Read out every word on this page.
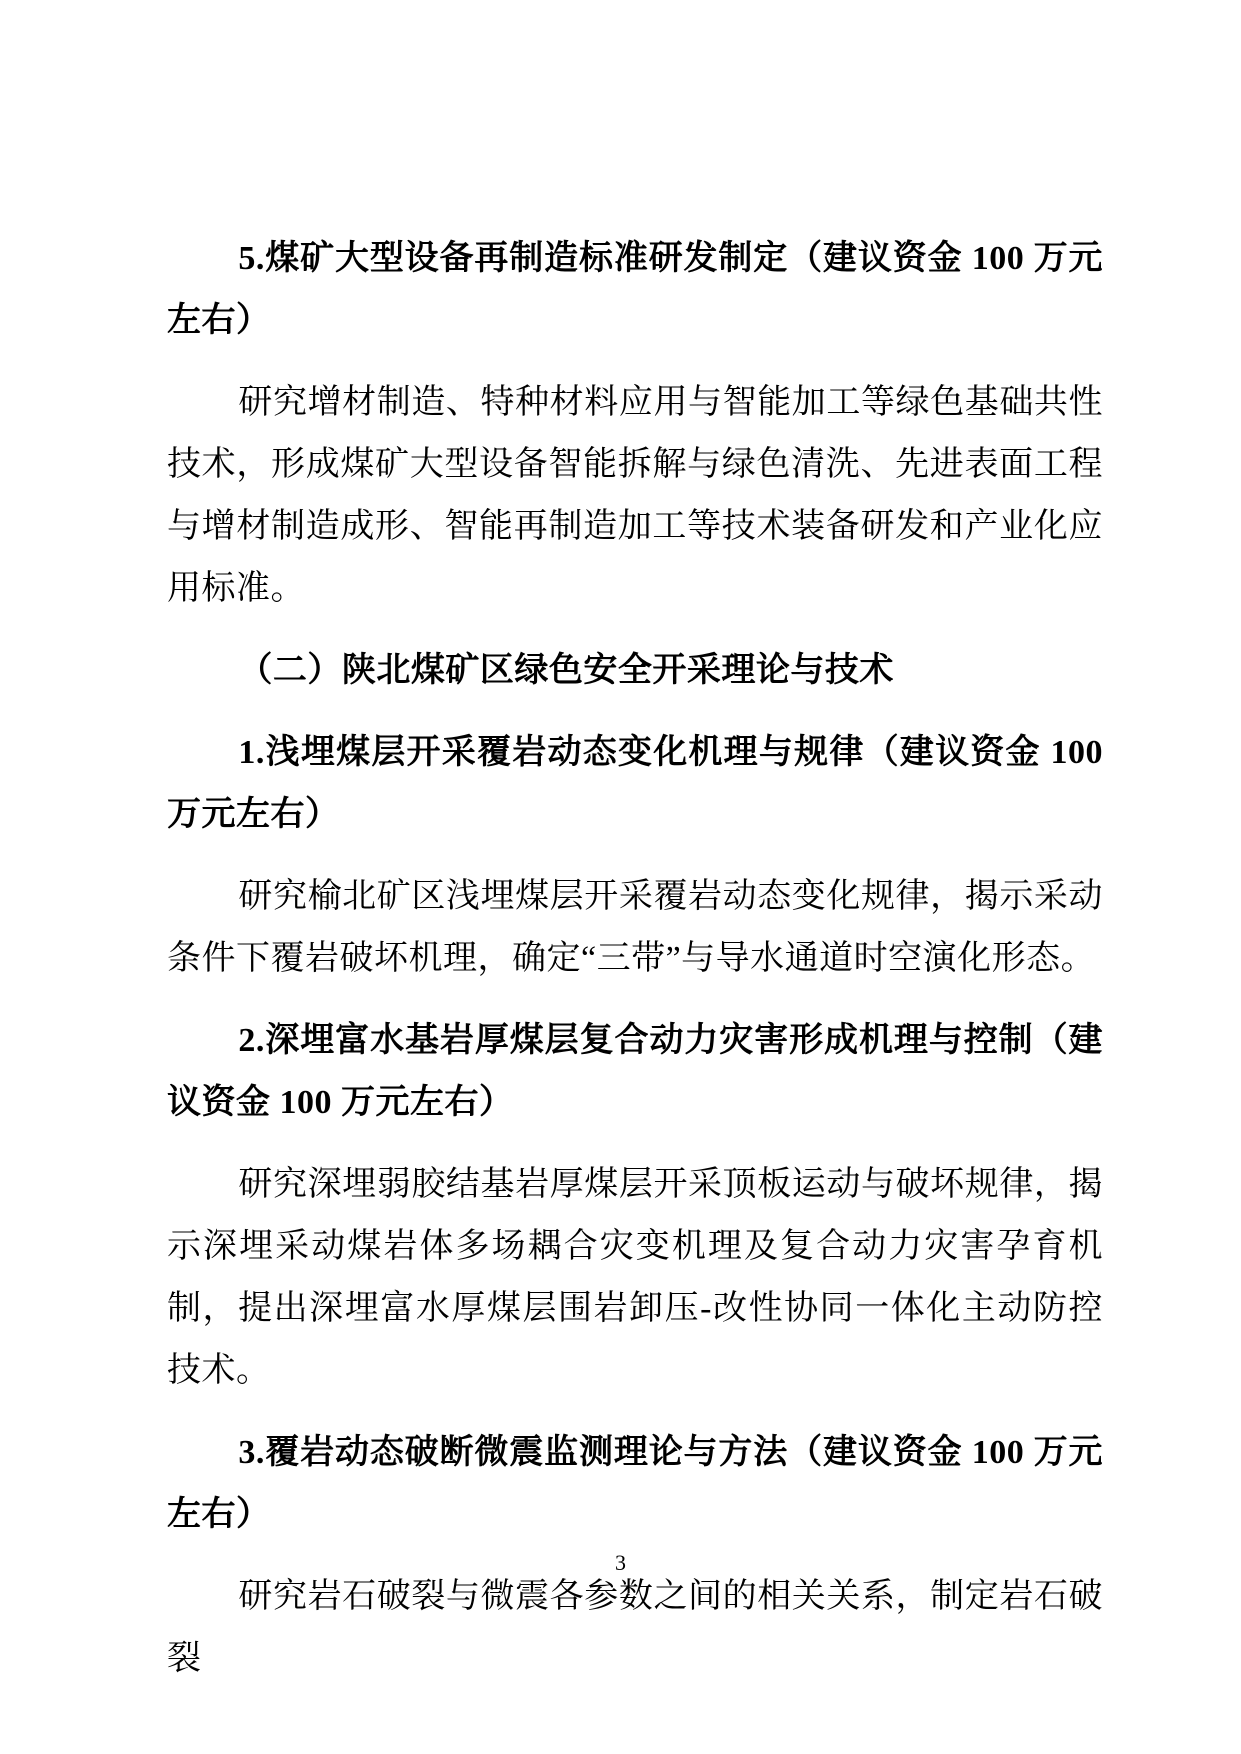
5.煤矿大型设备再制造标准研发制定（建议资金 100 万元左右）

研究增材制造、特种材料应用与智能加工等绿色基础共性技术，形成煤矿大型设备智能拆解与绿色清洗、先进表面工程与增材制造成形、智能再制造加工等技术装备研发和产业化应用标准。

（二）陕北煤矿区绿色安全开采理论与技术

1.浅埋煤层开采覆岩动态变化机理与规律（建议资金 100 万元左右）

研究榆北矿区浅埋煤层开采覆岩动态变化规律，揭示采动条件下覆岩破坏机理，确定“三带”与导水通道时空演化形态。

2.深埋富水基岩厚煤层复合动力灾害形成机理与控制（建议资金 100 万元左右）

研究深埋弱胶结基岩厚煤层开采顶板运动与破坏规律，揭示深埋采动煤岩体多场耦合灾变机理及复合动力灾害孕育机制，提出深埋富水厚煤层围岩卸压-改性协同一体化主动防控技术。

3.覆岩动态破断微震监测理论与方法（建议资金 100 万元左右）

研究岩石破裂与微震各参数之间的相关关系，制定岩石破裂

3
